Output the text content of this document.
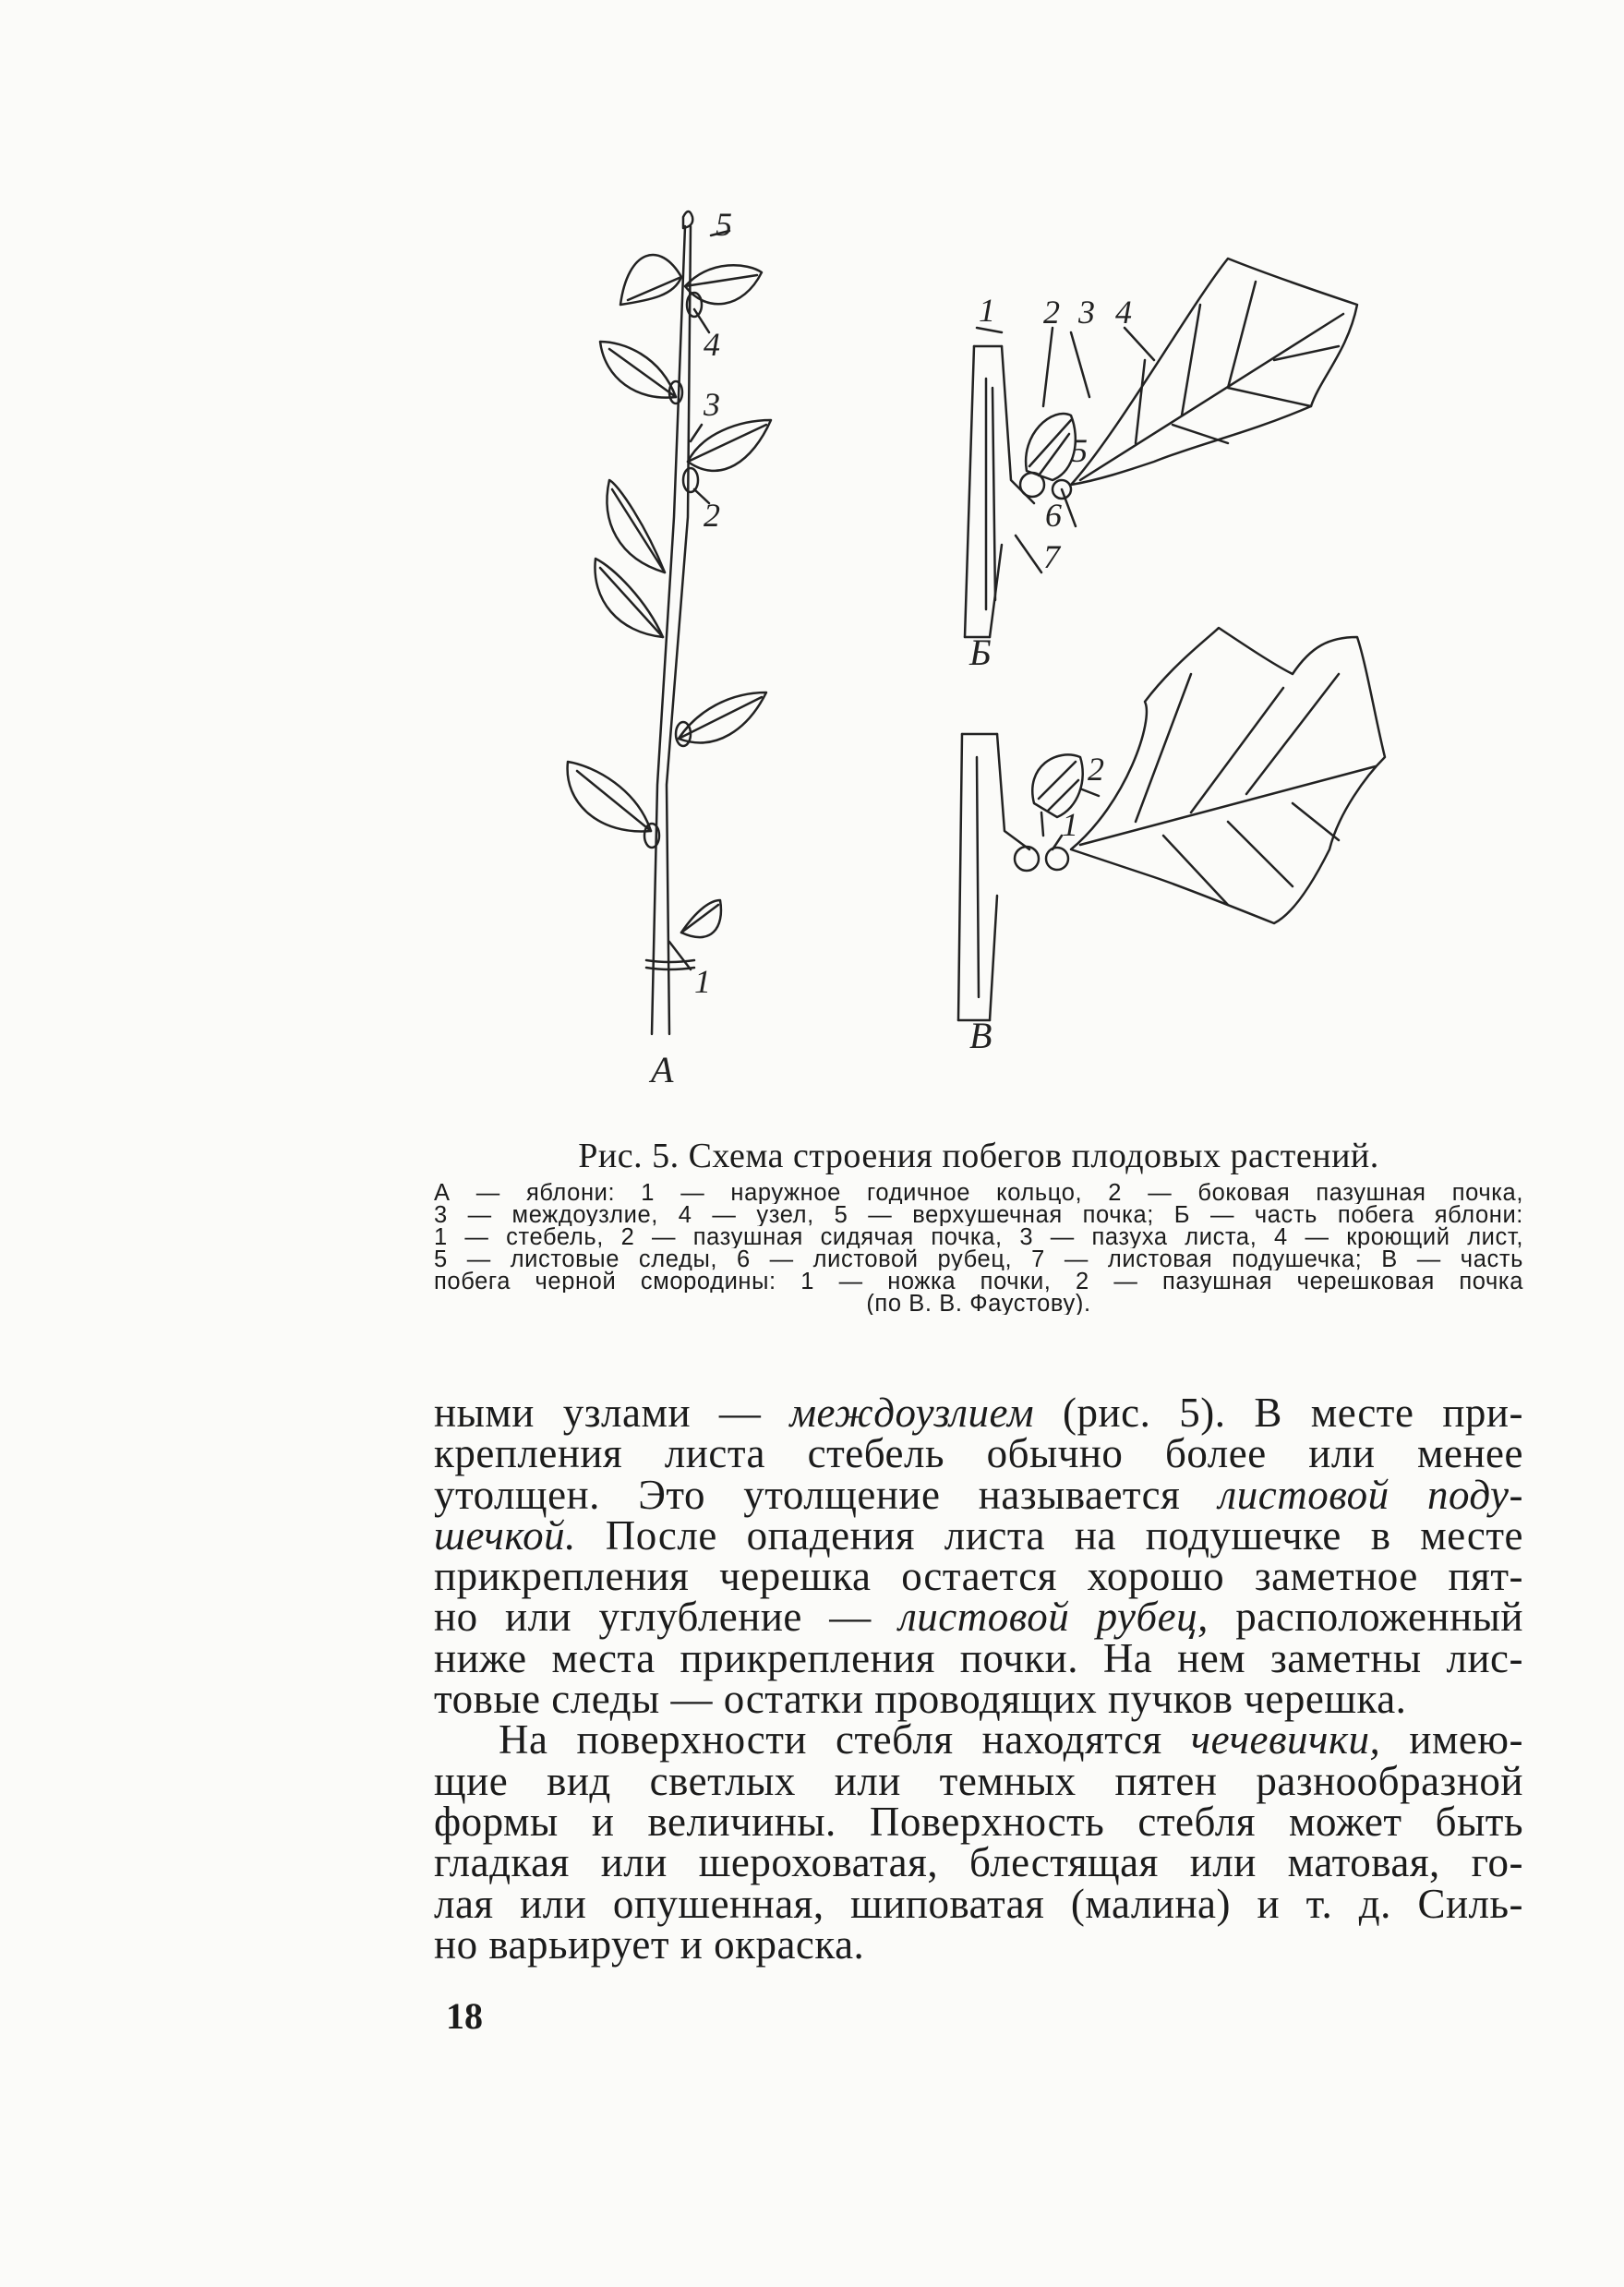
5
4
3
2
1
А
1 2 3 4
5
6
7
Б
2
1
В
Рис. 5. Схема строения побегов плодовых растений.
А — яблони: 1 — наружное годичное кольцо, 2 — боковая пазушная почка,
3 — междоузлие, 4 — узел, 5 — верхушечная почка; Б — часть побега яблони:
1 — стебель, 2 — пазушная сидячая почка, 3 — пазуха листа, 4 — кроющий лист,
5 — листовые следы, 6 — листовой рубец, 7 — листовая подушечка; В — часть
побега черной смородины: 1 — ножка почки, 2 — пазушная черешковая почка
(по В. В. Фаустову).
ными узлами — междоузлием (рис. 5). В месте при-
крепления листа стебель обычно более или менее
утолщен. Это утолщение называется листовой поду-
шечкой. После опадения листа на подушечке в месте
прикрепления черешка остается хорошо заметное пят-
но или углубление — листовой рубец, расположенный
ниже места прикрепления почки. На нем заметны лис-
товые следы — остатки проводящих пучков черешка.
На поверхности стебля находятся чечевички, имею-
щие вид светлых или темных пятен разнообразной
формы и величины. Поверхность стебля может быть
гладкая или шероховатая, блестящая или матовая, го-
лая или опушенная, шиповатая (малина) и т. д. Силь-
но варьирует и окраска.
18
